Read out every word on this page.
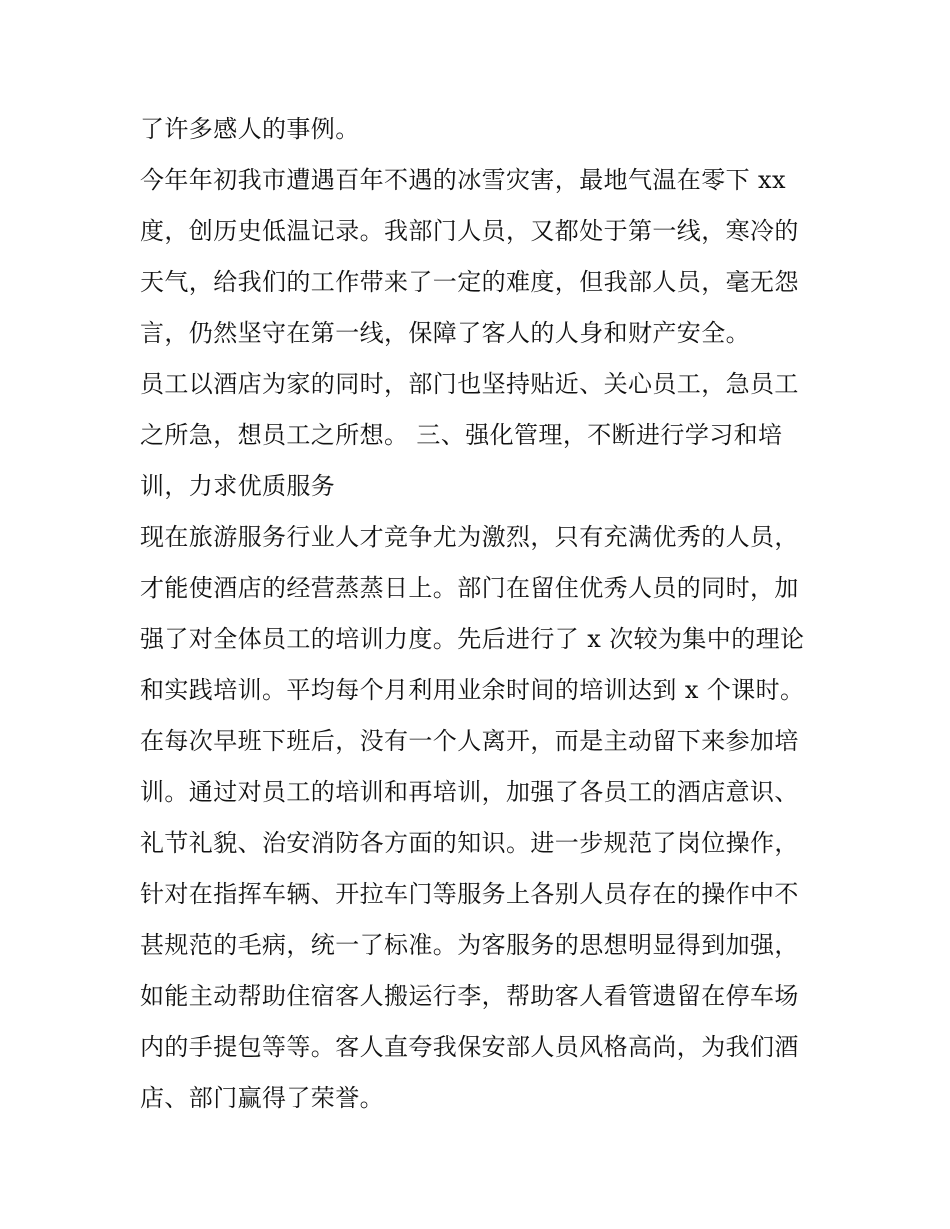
了许多感人的事例。
今年年初我市遭遇百年不遇的冰雪灾害，最地气温在零下 xx
度，创历史低温记录。我部门人员，又都处于第一线，寒冷的
天气，给我们的工作带来了一定的难度，但我部人员，毫无怨
言，仍然坚守在第一线，保障了客人的人身和财产安全。
员工以酒店为家的同时，部门也坚持贴近、关心员工，急员工
之所急，想员工之所想。 三、强化管理，不断进行学习和培
训，力求优质服务
现在旅游服务行业人才竞争尤为激烈，只有充满优秀的人员，
才能使酒店的经营蒸蒸日上。部门在留住优秀人员的同时，加
强了对全体员工的培训力度。先后进行了 x 次较为集中的理论
和实践培训。平均每个月利用业余时间的培训达到 x 个课时。
在每次早班下班后，没有一个人离开，而是主动留下来参加培
训。通过对员工的培训和再培训，加强了各员工的酒店意识、
礼节礼貌、治安消防各方面的知识。进一步规范了岗位操作，
针对在指挥车辆、开拉车门等服务上各别人员存在的操作中不
甚规范的毛病，统一了标准。为客服务的思想明显得到加强，
如能主动帮助住宿客人搬运行李，帮助客人看管遗留在停车场
内的手提包等等。客人直夸我保安部人员风格高尚，为我们酒
店、部门赢得了荣誉。
